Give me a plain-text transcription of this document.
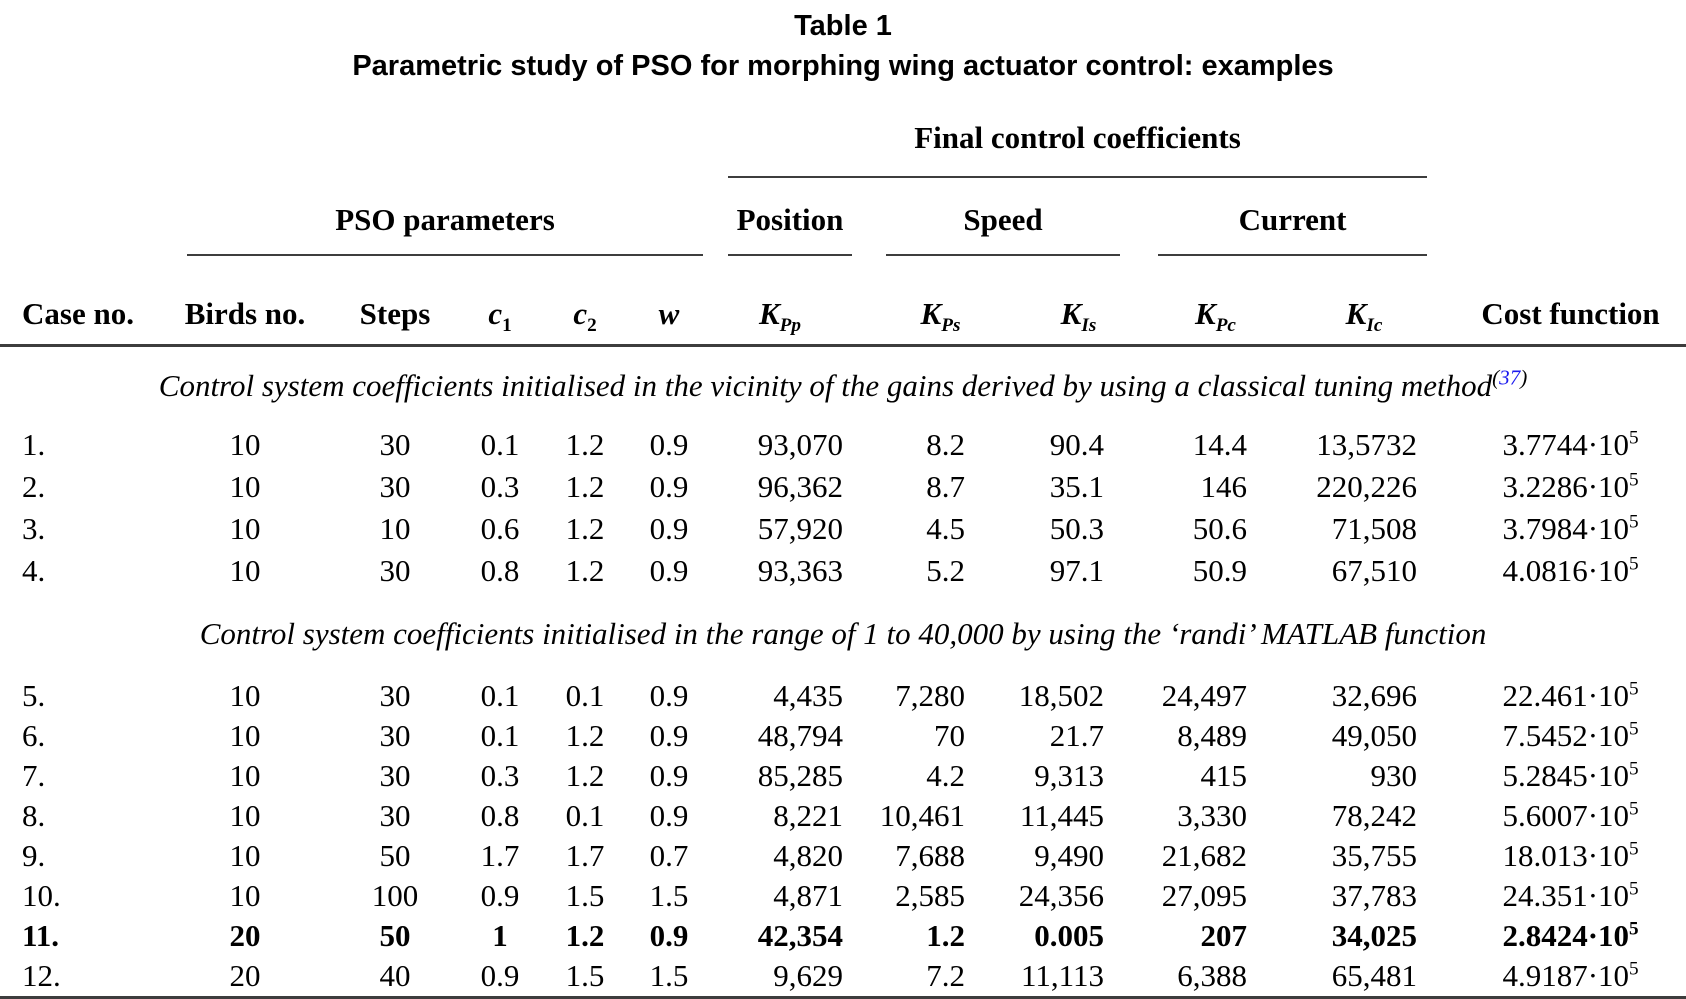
Table 1
Parametric study of PSO for morphing wing actuator control: examples

Final control coefficients

PSO parameters	Position	Speed	Current

Case no.	Birds no.	Steps	$c_1$	$c_2$	w	$K_{Pp}$	$K_{Ps}$	$K_{Is}$	$K_{Pc}$	$K_{Ic}$	Cost function
Control system coefficients initialised in the vicinity of the gains derived by using a classical tuning method$^{(37)}$
1.	10	30	0.1	1.2	0.9	93,070	8.2	90.4	14.4	13,5732	$3.7744\cdot 10^5$
2.	10	30	0.3	1.2	0.9	96,362	8.7	35.1	146	220,226	$3.2286\cdot 10^5$
3.	10	10	0.6	1.2	0.9	57,920	4.5	50.3	50.6	71,508	$3.7984\cdot 10^5$
4.	10	30	0.8	1.2	0.9	93,363	5.2	97.1	50.9	67,510	$4.0816\cdot 10^5$
Control system coefficients initialised in the range of 1 to 40,000 by using the ‘randi’ MATLAB function
5.	10	30	0.1	0.1	0.9	4,435	7,280	18,502	24,497	32,696	$22.461\cdot 10^5$
6.	10	30	0.1	1.2	0.9	48,794	70	21.7	8,489	49,050	$7.5452\cdot 10^5$
7.	10	30	0.3	1.2	0.9	85,285	4.2	9,313	415	930	$5.2845\cdot 10^5$
8.	10	30	0.8	0.1	0.9	8,221	10,461	11,445	3,330	78,242	$5.6007\cdot 10^5$
9.	10	50	1.7	1.7	0.7	4,820	7,688	9,490	21,682	35,755	$18.013\cdot 10^5$
10.	10	100	0.9	1.5	1.5	4,871	2,585	24,356	27,095	37,783	$24.351\cdot 10^5$
11.	20	50	1	1.2	0.9	42,354	1.2	0.005	207	34,025	$2.8424\cdot 10^5$
12.	20	40	0.9	1.5	1.5	9,629	7.2	11,113	6,388	65,481	$4.9187\cdot 10^5$
